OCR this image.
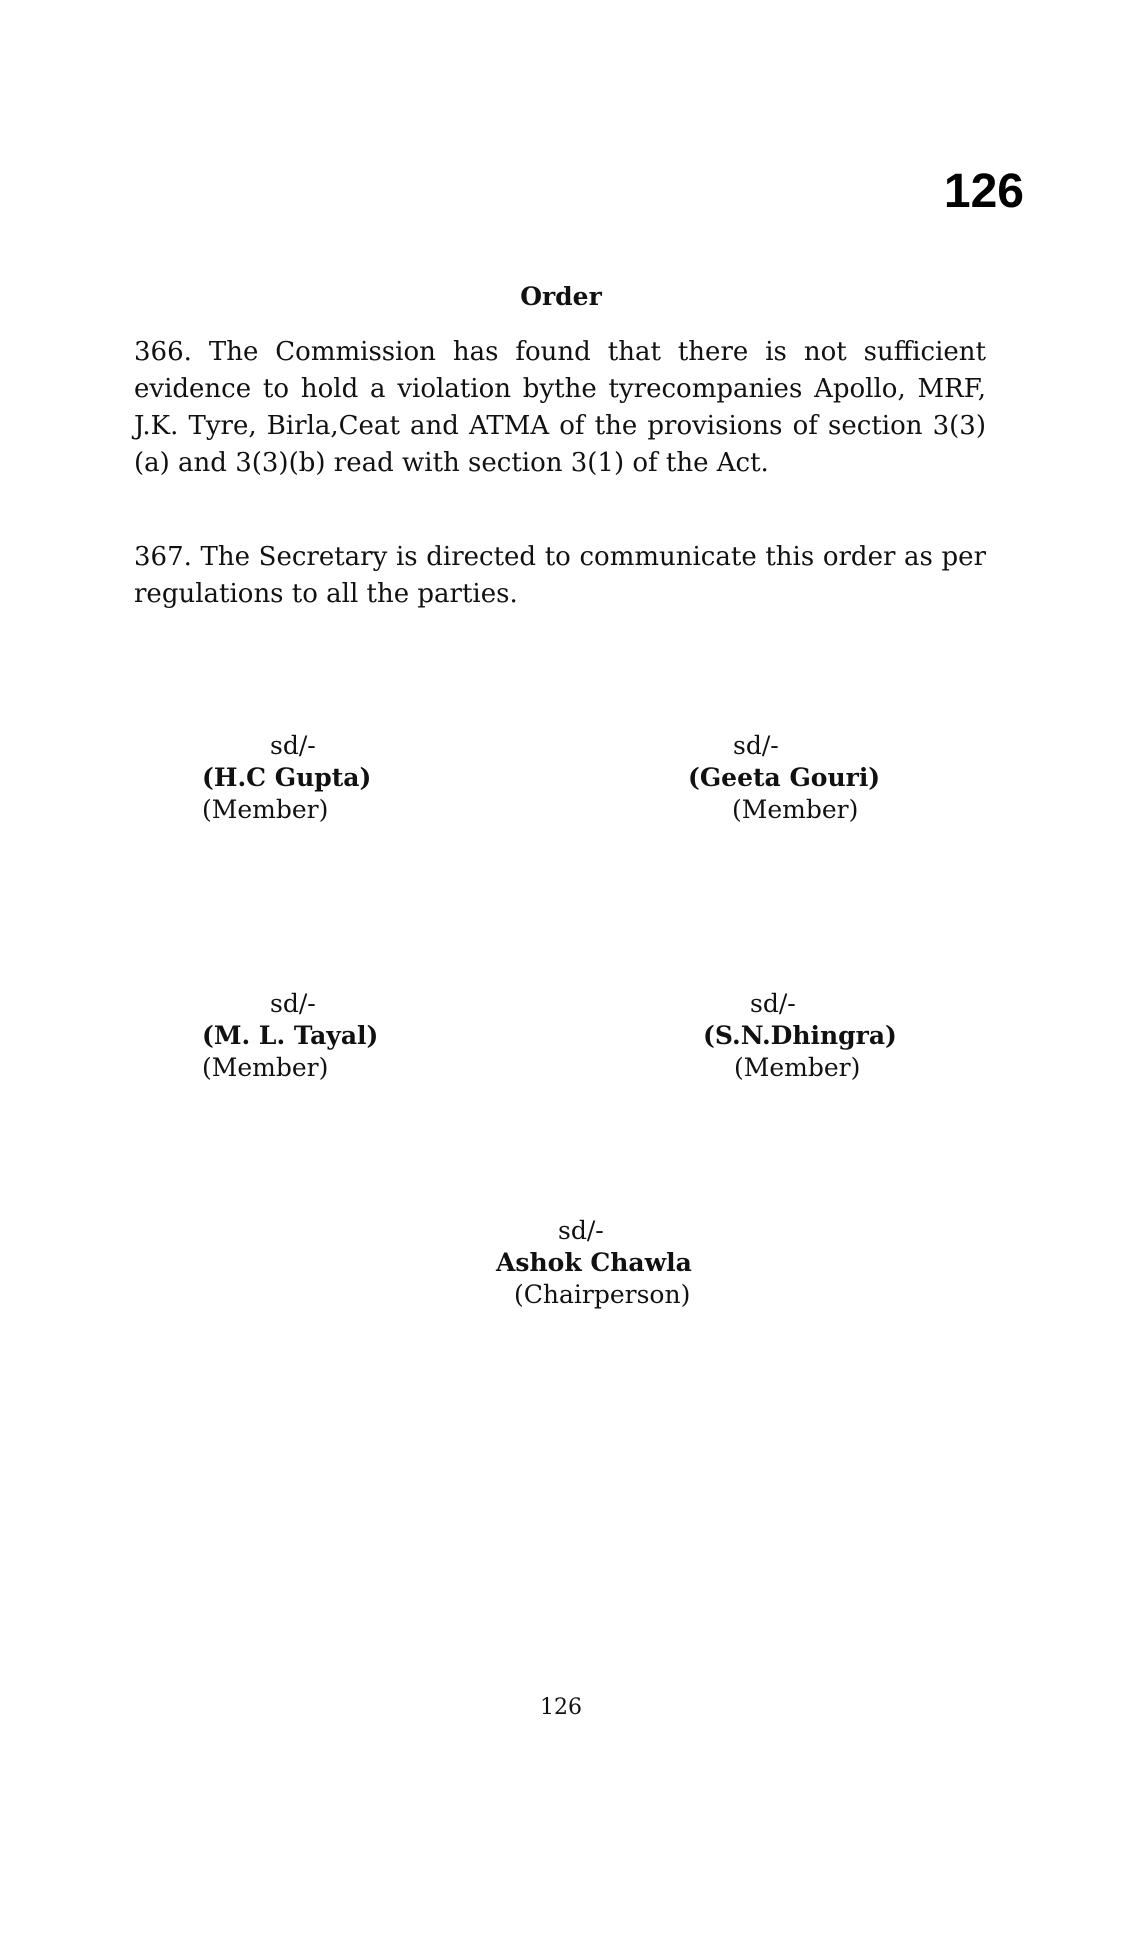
126
Order

366. The Commission has found that there is not sufficient evidence to hold a violation bythe tyrecompanies Apollo, MRF, J.K. Tyre, Birla,Ceat and ATMA of the provisions of section 3(3) (a) and 3(3)(b) read with section 3(1) of the Act.

367. The Secretary is directed to communicate this order as per regulations to all the parties.

sd/-
(H.C Gupta)
(Member)
sd/-
(Geeta Gouri)
(Member)
sd/-
(M. L. Tayal)
(Member)
sd/-
(S.N.Dhingra)
(Member)
sd/-
Ashok Chawla
(Chairperson)
126
